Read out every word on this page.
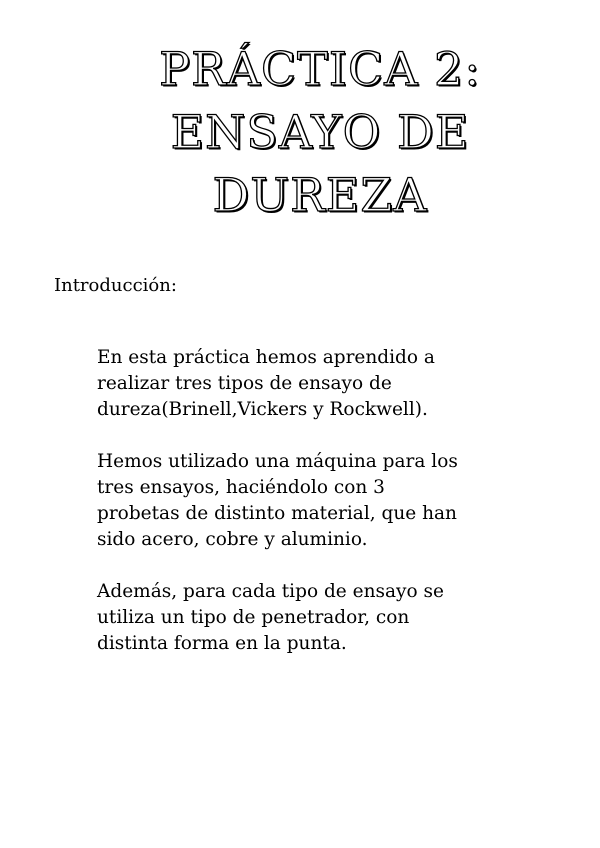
PRÁCTICA 2:
ENSAYO DE
DUREZA

Introducción:

En esta práctica hemos aprendido a
realizar tres tipos de ensayo de
dureza(Brinell,Vickers y Rockwell).

Hemos utilizado una máquina para los
tres ensayos, haciéndolo con 3
probetas de distinto material, que han
sido acero, cobre y aluminio.

Además, para cada tipo de ensayo se
utiliza un tipo de penetrador, con
distinta forma en la punta.
